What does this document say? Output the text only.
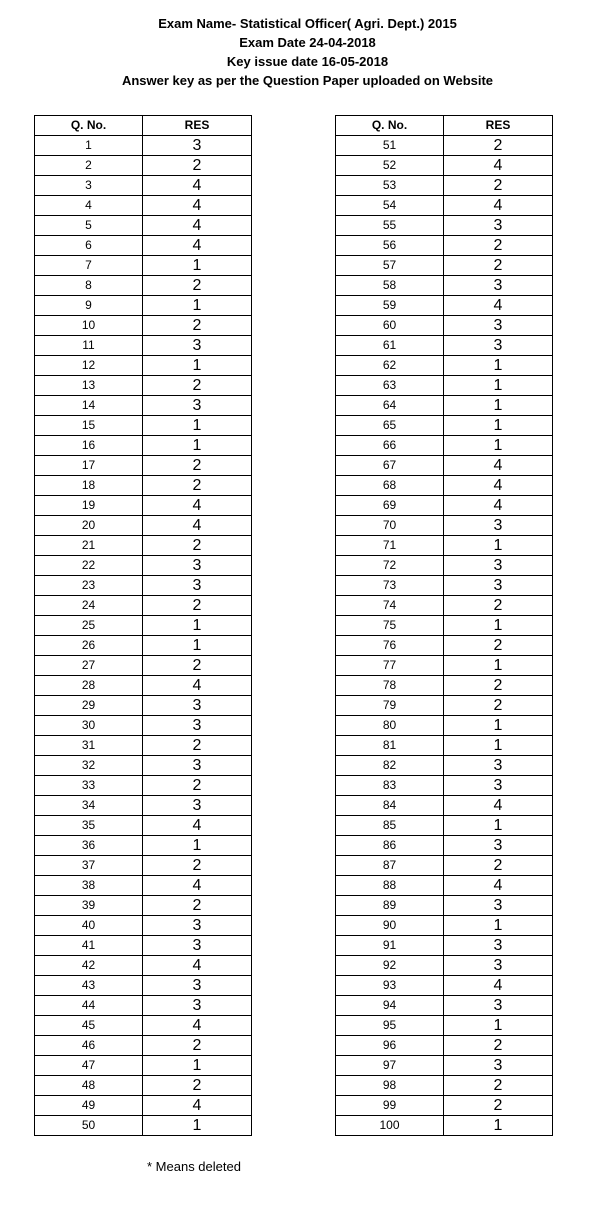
Exam Name- Statistical Officer( Agri. Dept.) 2015
Exam Date 24-04-2018
Key issue date 16-05-2018
Answer key as per the Question Paper uploaded on Website
Q. No.	RES
1	3
2	2
3	4
4	4
5	4
6	4
7	1
8	2
9	1
10	2
11	3
12	1
13	2
14	3
15	1
16	1
17	2
18	2
19	4
20	4
21	2
22	3
23	3
24	2
25	1
26	1
27	2
28	4
29	3
30	3
31	2
32	3
33	2
34	3
35	4
36	1
37	2
38	4
39	2
40	3
41	3
42	4
43	3
44	3
45	4
46	2
47	1
48	2
49	4
50	1
Q. No.	RES
51	2
52	4
53	2
54	4
55	3
56	2
57	2
58	3
59	4
60	3
61	3
62	1
63	1
64	1
65	1
66	1
67	4
68	4
69	4
70	3
71	1
72	3
73	3
74	2
75	1
76	2
77	1
78	2
79	2
80	1
81	1
82	3
83	3
84	4
85	1
86	3
87	2
88	4
89	3
90	1
91	3
92	3
93	4
94	3
95	1
96	2
97	3
98	2
99	2
100	1
* Means deleted
